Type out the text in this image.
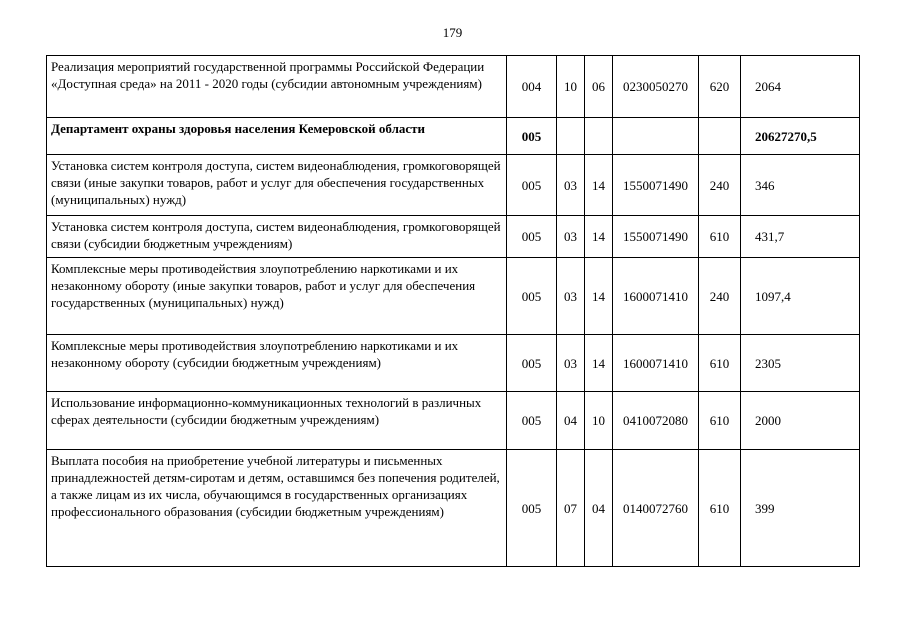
179
Реализация мероприятий государственной программы Российской Федерации «Доступная среда» на 2011 - 2020 годы (субсидии автономным учреждениям)	004	10	06	0230050270	620	2064
Департамент охраны здоровья населения Кемеровской области	005					20627270,5
Установка систем контроля доступа, систем видеонаблюдения, громкоговорящей связи (иные закупки товаров, работ и услуг для обеспечения государственных (муниципальных) нужд)	005	03	14	1550071490	240	346
Установка систем контроля доступа, систем видеонаблюдения, громкоговорящей связи (субсидии бюджетным учреждениям)	005	03	14	1550071490	610	431,7
Комплексные меры противодействия злоупотреблению наркотиками и их незаконному обороту (иные закупки товаров, работ и услуг для обеспечения государственных (муниципальных) нужд)	005	03	14	1600071410	240	1097,4
Комплексные меры противодействия злоупотреблению наркотиками и их незаконному обороту (субсидии бюджетным учреждениям)	005	03	14	1600071410	610	2305
Использование информационно-коммуникационных технологий в различных сферах деятельности (субсидии бюджетным учреждениям)	005	04	10	0410072080	610	2000
Выплата пособия на приобретение учебной литературы и письменных принадлежностей детям-сиротам и детям, оставшимся без попечения родителей, а также лицам из их числа, обучающимся в государственных организациях профессионального образования (субсидии бюджетным учреждениям)	005	07	04	0140072760	610	399
